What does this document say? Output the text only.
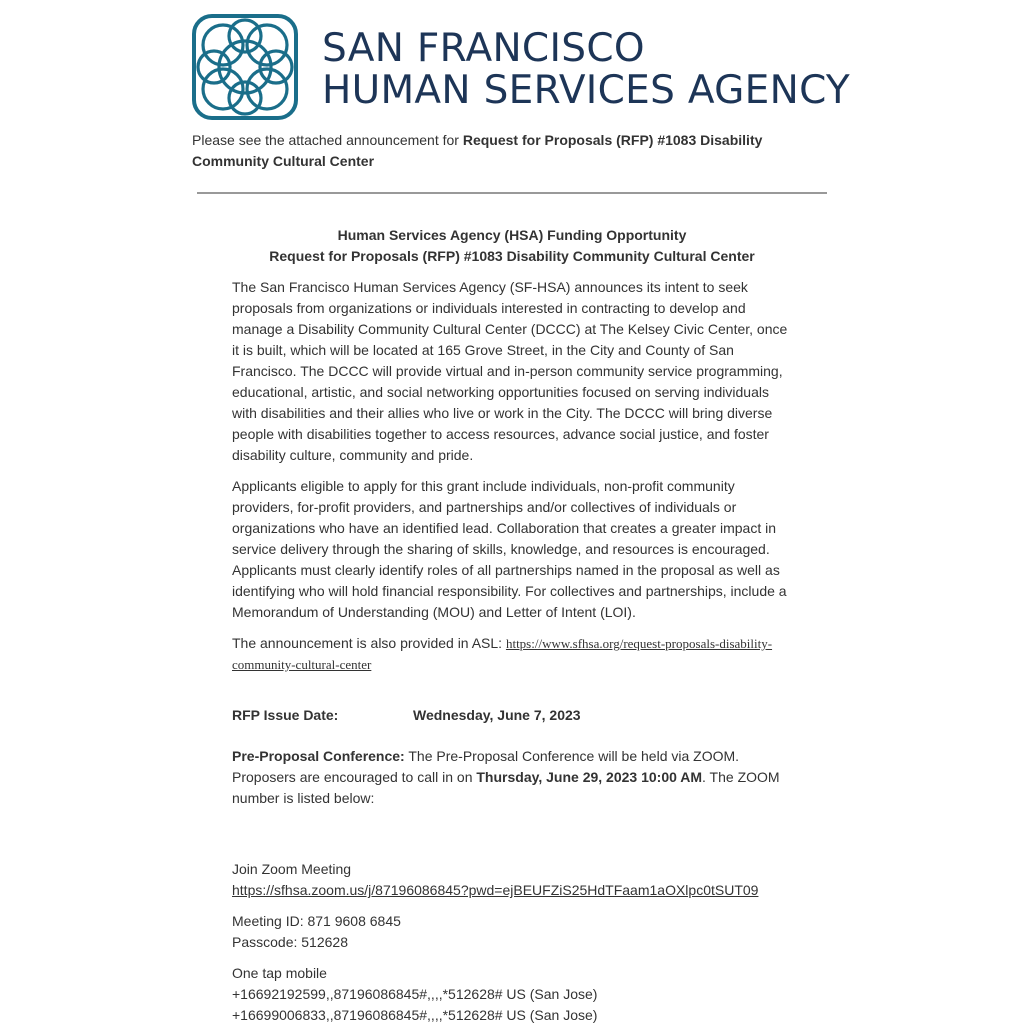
SAN FRANCISCO
HUMAN SERVICES AGENCY
Please see the attached announcement for Request for Proposals (RFP) #1083 Disability Community Cultural Center
Human Services Agency (HSA) Funding Opportunity
Request for Proposals (RFP) #1083 Disability Community Cultural Center

The San Francisco Human Services Agency (SF-HSA) announces its intent to seek proposals from organizations or individuals interested in contracting to develop and manage a Disability Community Cultural Center (DCCC) at The Kelsey Civic Center, once it is built, which will be located at 165 Grove Street, in the City and County of San Francisco. The DCCC will provide virtual and in-person community service programming, educational, artistic, and social networking opportunities focused on serving individuals with disabilities and their allies who live or work in the City. The DCCC will bring diverse people with disabilities together to access resources, advance social justice, and foster disability culture, community and pride.

Applicants eligible to apply for this grant include individuals, non-profit community providers, for-profit providers, and partnerships and/or collectives of individuals or organizations who have an identified lead. Collaboration that creates a greater impact in service delivery through the sharing of skills, knowledge, and resources is encouraged. Applicants must clearly identify roles of all partnerships named in the proposal as well as identifying who will hold financial responsibility. For collectives and partnerships, include a Memorandum of Understanding (MOU) and Letter of Intent (LOI).

The announcement is also provided in ASL: https://www.sfhsa.org/request-proposals-disability-community-cultural-center

RFP Issue Date:	Wednesday, June 7, 2023

Pre-Proposal Conference: The Pre-Proposal Conference will be held via ZOOM. Proposers are encouraged to call in on Thursday, June 29, 2023 10:00 AM. The ZOOM number is listed below:

Join Zoom Meeting
https://sfhsa.zoom.us/j/87196086845?pwd=ejBEUFZiS25HdTFaam1aOXlpc0tSUT09

Meeting ID: 871 9608 6845
Passcode: 512628

One tap mobile
+16692192599,,87196086845#,,,,*512628# US (San Jose)
+16699006833,,87196086845#,,,,*512628# US (San Jose)
